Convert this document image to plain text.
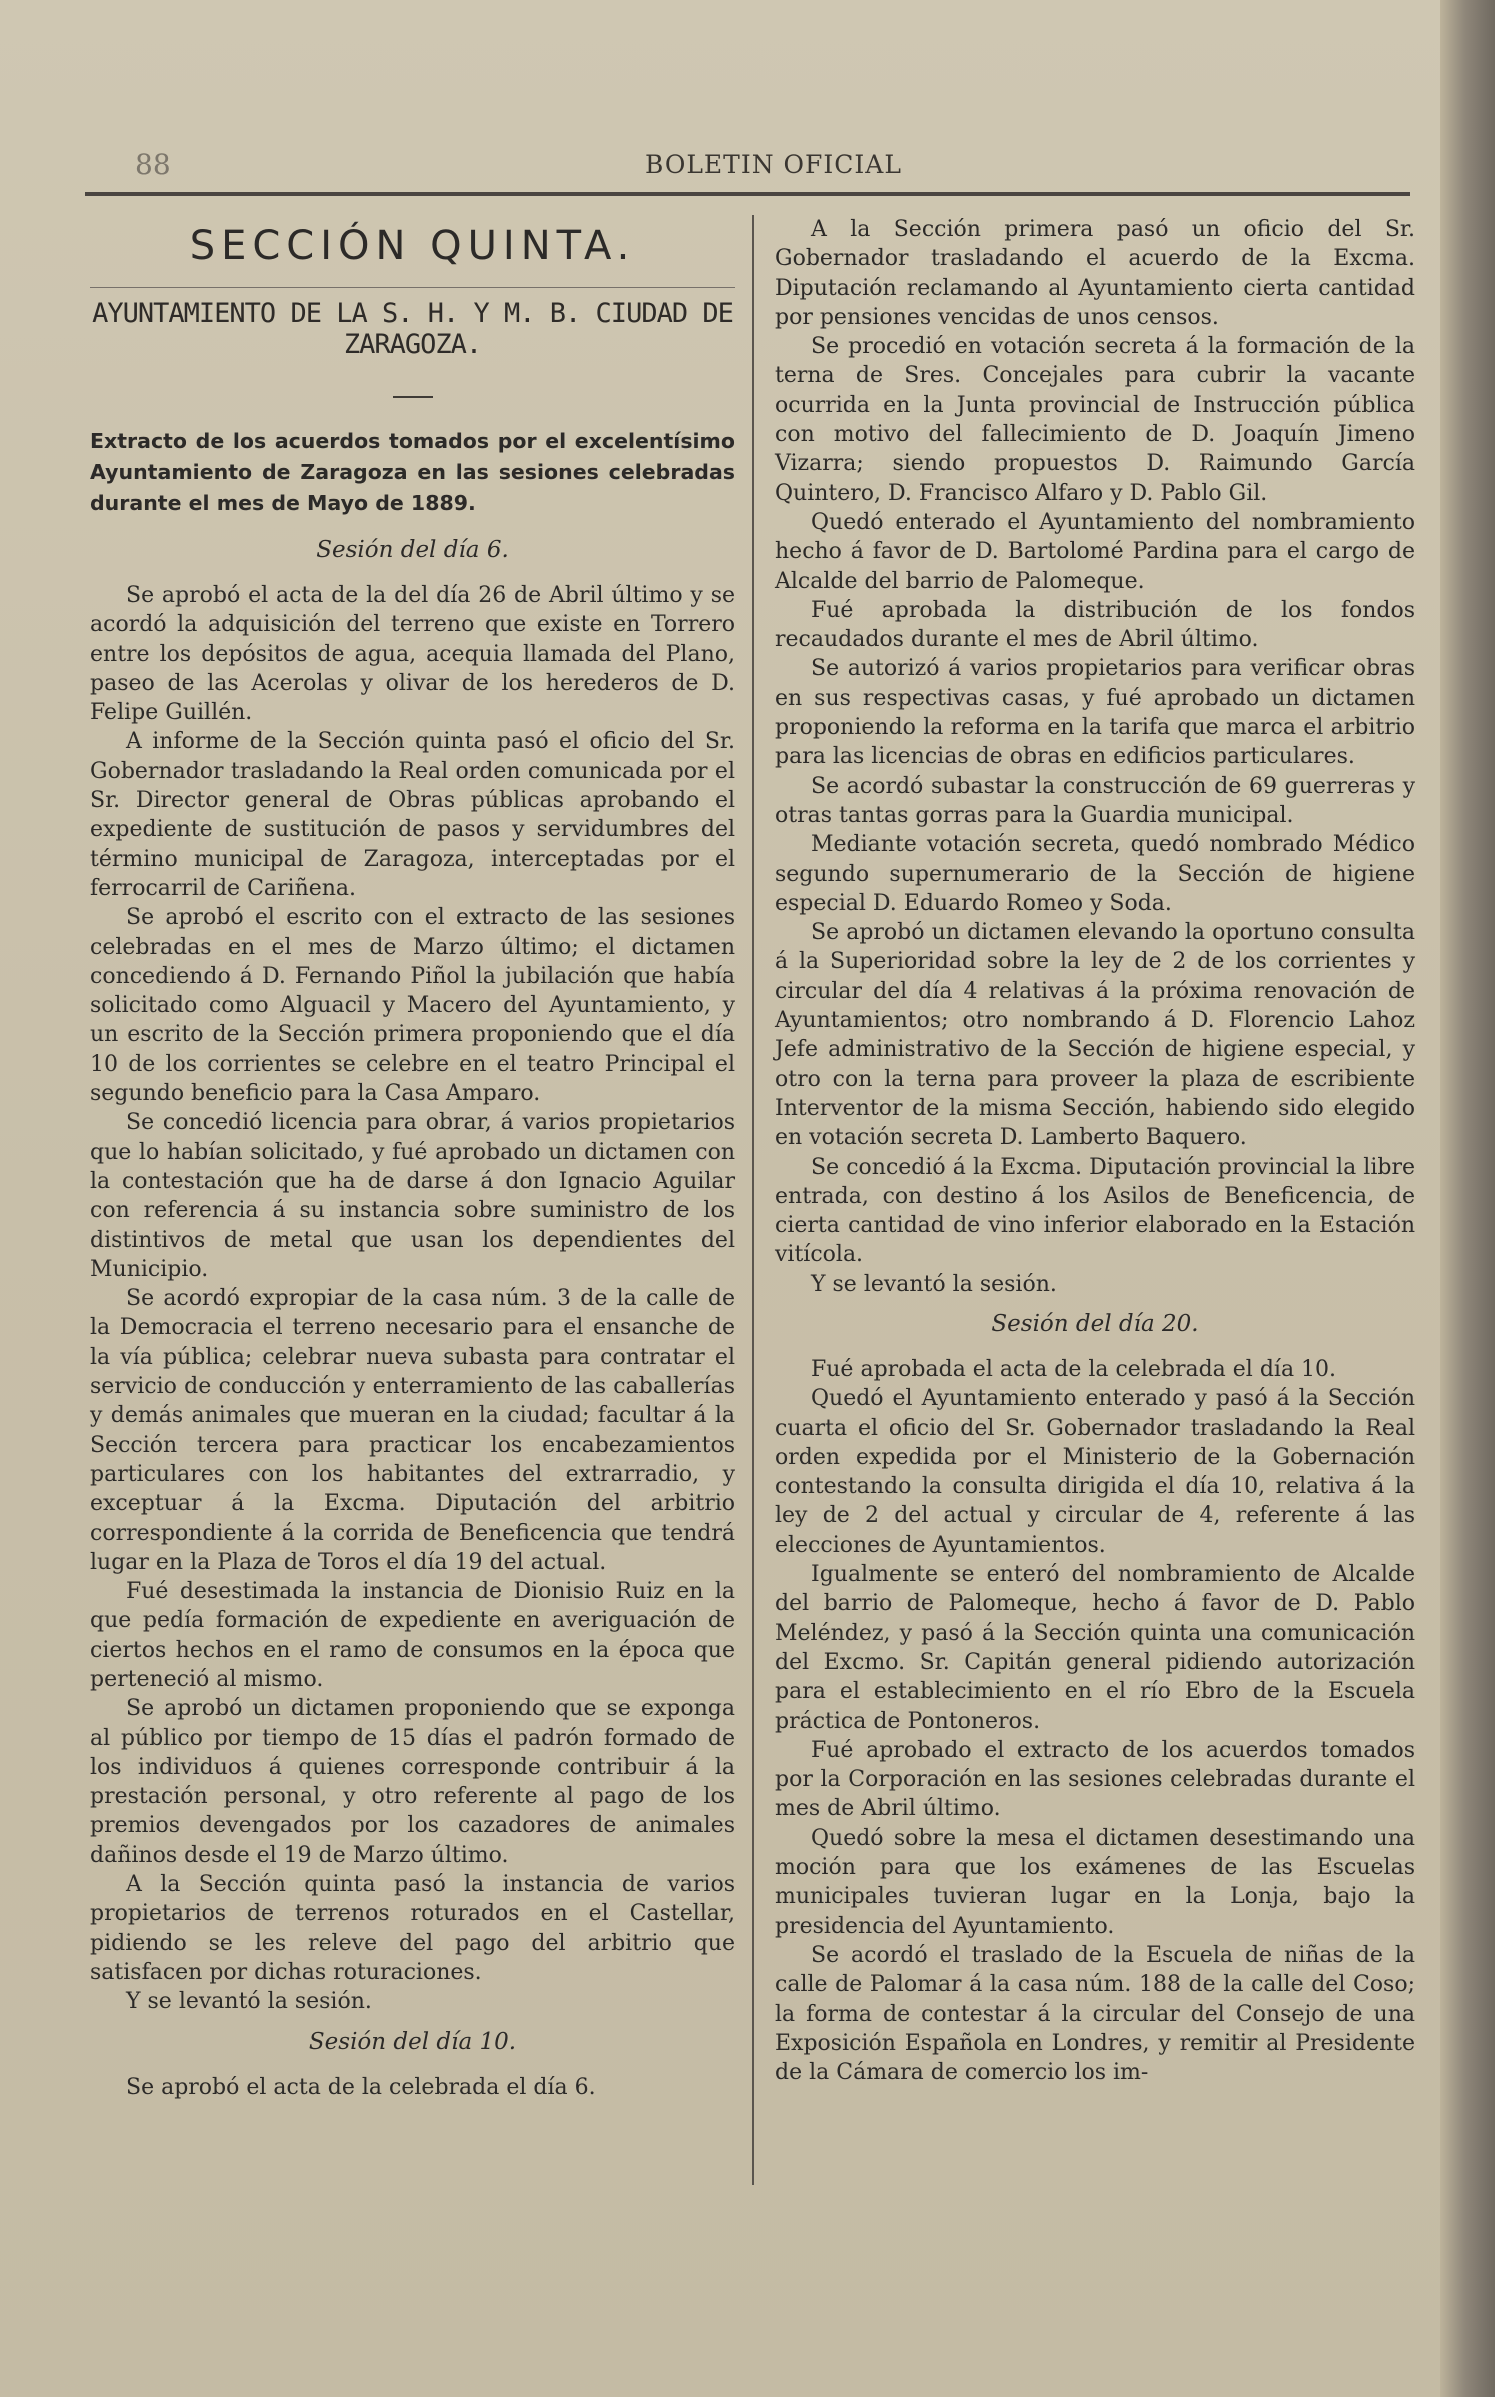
88	BOLETIN OFICIAL
SECCIÓN QUINTA.
AYUNTAMIENTO DE LA S. H. Y M. B. CIUDAD DE ZARAGOZA.
Extracto de los acuerdos tomados por el excelentísimo Ayuntamiento de Zaragoza en las sesiones celebradas durante el mes de Mayo de 1889.
Sesión del día 6.

Se aprobó el acta de la del día 26 de Abril último y se acordó la adquisición del terreno que existe en Torrero entre los depósitos de agua, acequia llamada del Plano, paseo de las Acerolas y olivar de los herederos de D. Felipe Guillén.

A informe de la Sección quinta pasó el oficio del Sr. Gobernador trasladando la Real orden comunicada por el Sr. Director general de Obras públicas aprobando el expediente de sustitución de pasos y servidumbres del término municipal de Zaragoza, interceptadas por el ferrocarril de Cariñena.

Se aprobó el escrito con el extracto de las sesiones celebradas en el mes de Marzo último; el dictamen concediendo á D. Fernando Piñol la jubilación que había solicitado como Alguacil y Macero del Ayuntamiento, y un escrito de la Sección primera proponiendo que el día 10 de los corrientes se celebre en el teatro Principal el segundo beneficio para la Casa Amparo.

Se concedió licencia para obrar, á varios propietarios que lo habían solicitado, y fué aprobado un dictamen con la contestación que ha de darse á don Ignacio Aguilar con referencia á su instancia sobre suministro de los distintivos de metal que usan los dependientes del Municipio.

Se acordó expropiar de la casa núm. 3 de la calle de la Democracia el terreno necesario para el ensanche de la vía pública; celebrar nueva subasta para contratar el servicio de conducción y enterramiento de las caballerías y demás animales que mueran en la ciudad; facultar á la Sección tercera para practicar los encabezamientos particulares con los habitantes del extrarradio, y exceptuar á la Excma. Diputación del arbitrio correspondiente á la corrida de Beneficencia que tendrá lugar en la Plaza de Toros el día 19 del actual.

Fué desestimada la instancia de Dionisio Ruiz en la que pedía formación de expediente en averiguación de ciertos hechos en el ramo de consumos en la época que perteneció al mismo.

Se aprobó un dictamen proponiendo que se exponga al público por tiempo de 15 días el padrón formado de los individuos á quienes corresponde contribuir á la prestación personal, y otro referente al pago de los premios devengados por los cazadores de animales dañinos desde el 19 de Marzo último.

A la Sección quinta pasó la instancia de varios propietarios de terrenos roturados en el Castellar, pidiendo se les releve del pago del arbitrio que satisfacen por dichas roturaciones.

Y se levantó la sesión.

Sesión del día 10.

Se aprobó el acta de la celebrada el día 6.

A la Sección primera pasó un oficio del Sr. Gobernador trasladando el acuerdo de la Excma. Diputación reclamando al Ayuntamiento cierta cantidad por pensiones vencidas de unos censos.

Se procedió en votación secreta á la formación de la terna de Sres. Concejales para cubrir la vacante ocurrida en la Junta provincial de Instrucción pública con motivo del fallecimiento de D. Joaquín Jimeno Vizarra; siendo propuestos D. Raimundo García Quintero, D. Francisco Alfaro y D. Pablo Gil.

Quedó enterado el Ayuntamiento del nombramiento hecho á favor de D. Bartolomé Pardina para el cargo de Alcalde del barrio de Palomeque.

Fué aprobada la distribución de los fondos recaudados durante el mes de Abril último.

Se autorizó á varios propietarios para verificar obras en sus respectivas casas, y fué aprobado un dictamen proponiendo la reforma en la tarifa que marca el arbitrio para las licencias de obras en edificios particulares.

Se acordó subastar la construcción de 69 guerreras y otras tantas gorras para la Guardia municipal.

Mediante votación secreta, quedó nombrado Médico segundo supernumerario de la Sección de higiene especial D. Eduardo Romeo y Soda.

Se aprobó un dictamen elevando la oportuno consulta á la Superioridad sobre la ley de 2 de los corrientes y circular del día 4 relativas á la próxima renovación de Ayuntamientos; otro nombrando á D. Florencio Lahoz Jefe administrativo de la Sección de higiene especial, y otro con la terna para proveer la plaza de escribiente Interventor de la misma Sección, habiendo sido elegido en votación secreta D. Lamberto Baquero.

Se concedió á la Excma. Diputación provincial la libre entrada, con destino á los Asilos de Beneficencia, de cierta cantidad de vino inferior elaborado en la Estación vitícola.

Y se levantó la sesión.

Sesión del día 20.

Fué aprobada el acta de la celebrada el día 10.

Quedó el Ayuntamiento enterado y pasó á la Sección cuarta el oficio del Sr. Gobernador trasladando la Real orden expedida por el Ministerio de la Gobernación contestando la consulta dirigida el día 10, relativa á la ley de 2 del actual y circular de 4, referente á las elecciones de Ayuntamientos.

Igualmente se enteró del nombramiento de Alcalde del barrio de Palomeque, hecho á favor de D. Pablo Meléndez, y pasó á la Sección quinta una comunicación del Excmo. Sr. Capitán general pidiendo autorización para el establecimiento en el río Ebro de la Escuela práctica de Pontoneros.

Fué aprobado el extracto de los acuerdos tomados por la Corporación en las sesiones celebradas durante el mes de Abril último.

Quedó sobre la mesa el dictamen desestimando una moción para que los exámenes de las Escuelas municipales tuvieran lugar en la Lonja, bajo la presidencia del Ayuntamiento.

Se acordó el traslado de la Escuela de niñas de la calle de Palomar á la casa núm. 188 de la calle del Coso; la forma de contestar á la circular del Consejo de una Exposición Española en Londres, y remitir al Presidente de la Cámara de comercio los im-
